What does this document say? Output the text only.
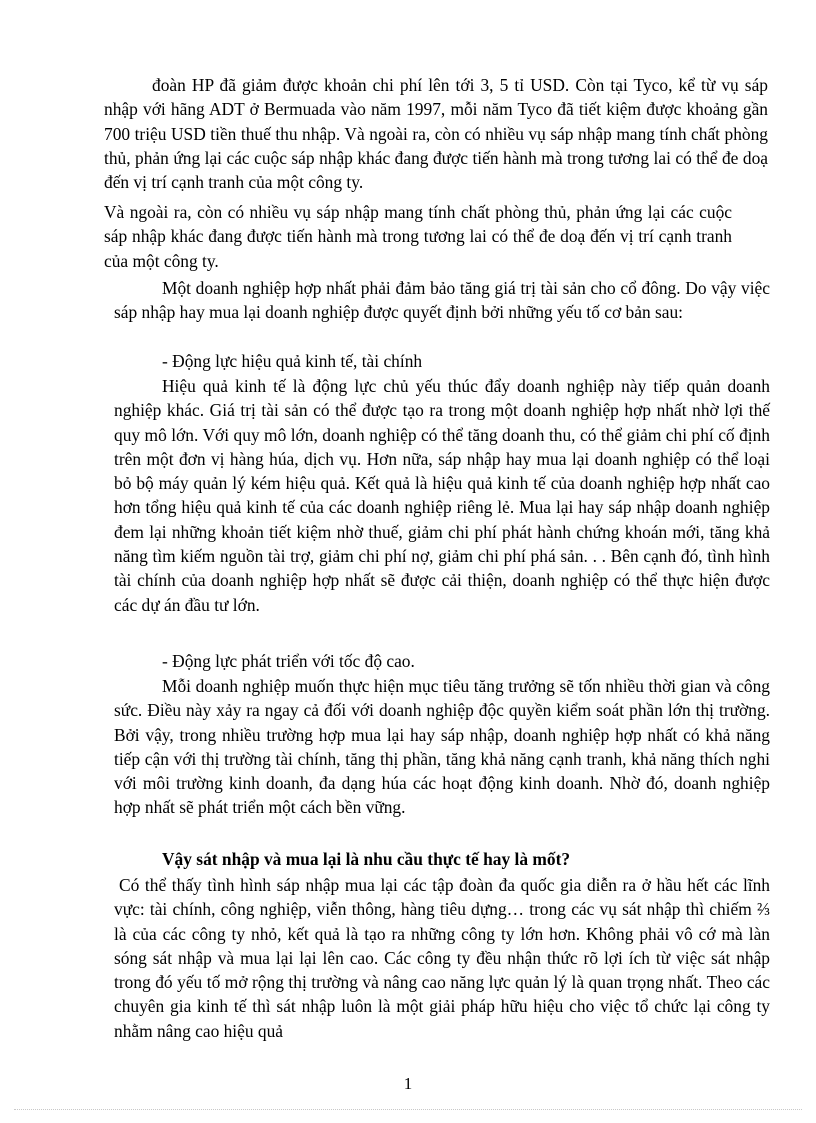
đoàn HP đã giảm được khoản chi phí lên tới 3, 5 tỉ USD. Còn tại Tyco, kể từ vụ sáp nhập với hãng ADT ở Bermuada vào năm 1997, mỗi năm Tyco đã tiết kiệm được khoảng gần 700 triệu USD tiền thuế thu nhập. Và ngoài ra, còn có nhiều vụ sáp nhập mang tính chất phòng thủ, phản ứng lại các cuộc sáp nhập khác đang được tiến hành mà trong tương lai có thể đe doạ đến vị trí cạnh tranh của một công ty.

Và ngoài ra, còn có nhiều vụ sáp nhập mang tính chất phòng thủ, phản ứng lại các cuộc sáp nhập khác đang được tiến hành mà trong tương lai có thể đe doạ đến vị trí cạnh tranh của một công ty.

Một doanh nghiệp hợp nhất phải đảm bảo tăng giá trị tài sản cho cổ đông. Do vậy việc sáp nhập hay mua lại doanh nghiệp được quyết định bởi những yếu tố cơ bản sau:

- Động lực hiệu quả kinh tế, tài chính

Hiệu quả kinh tế là động lực chủ yếu thúc đẩy doanh nghiệp này tiếp quản doanh nghiệp khác. Giá trị tài sản có thể được tạo ra trong một doanh nghiệp hợp nhất nhờ lợi thế quy mô lớn. Với quy mô lớn, doanh nghiệp có thể tăng doanh thu, có thể giảm chi phí cố định trên một đơn vị hàng húa, dịch vụ. Hơn nữa, sáp nhập hay mua lại doanh nghiệp có thể loại bỏ bộ máy quản lý kém hiệu quả. Kết quả là hiệu quả kinh tế của doanh nghiệp hợp nhất cao hơn tổng hiệu quả kinh tế của các doanh nghiệp riêng lẻ. Mua lại hay sáp nhập doanh nghiệp đem lại những khoản tiết kiệm nhờ thuế, giảm chi phí phát hành chứng khoán mới, tăng khả năng tìm kiếm nguồn tài trợ, giảm chi phí nợ, giảm chi phí phá sản. . . Bên cạnh đó, tình hình tài chính của doanh nghiệp hợp nhất sẽ được cải thiện, doanh nghiệp có thể thực hiện được các dự án đầu tư lớn.

- Động lực phát triển với tốc độ cao.

Mỗi doanh nghiệp muốn thực hiện mục tiêu tăng trưởng sẽ tốn nhiều thời gian và công sức. Điều này xảy ra ngay cả đối với doanh nghiệp độc quyền kiểm soát phần lớn thị trường. Bởi vậy, trong nhiều trường hợp mua lại hay sáp nhập, doanh nghiệp hợp nhất có khả năng tiếp cận với thị trường tài chính, tăng thị phần, tăng khả năng cạnh tranh, khả năng thích nghi với môi trường kinh doanh, đa dạng húa các hoạt động kinh doanh. Nhờ đó, doanh nghiệp hợp nhất sẽ phát triển một cách bền vững.

Vậy sát nhập và mua lại là nhu cầu thực tế hay là mốt?

Có thể thấy tình hình sáp nhập mua lại các tập đoàn đa quốc gia diễn ra ở hầu hết các lĩnh vực: tài chính, công nghiệp, viễn thông, hàng tiêu dựng… trong các vụ sát nhập thì chiếm ⅔ là của các công ty nhỏ, kết quả là tạo ra những công ty lớn hơn. Không phải vô cớ mà làn sóng sát nhập và mua lại lại lên cao. Các công ty đều nhận thức rõ lợi ích từ việc sát nhập trong đó yếu tố mở rộng thị trường và nâng cao năng lực quản lý là quan trọng nhất. Theo các chuyên gia kinh tế thì sát nhập luôn là một giải pháp hữu hiệu cho việc tổ chức lại công ty nhằm nâng cao hiệu quả

1
